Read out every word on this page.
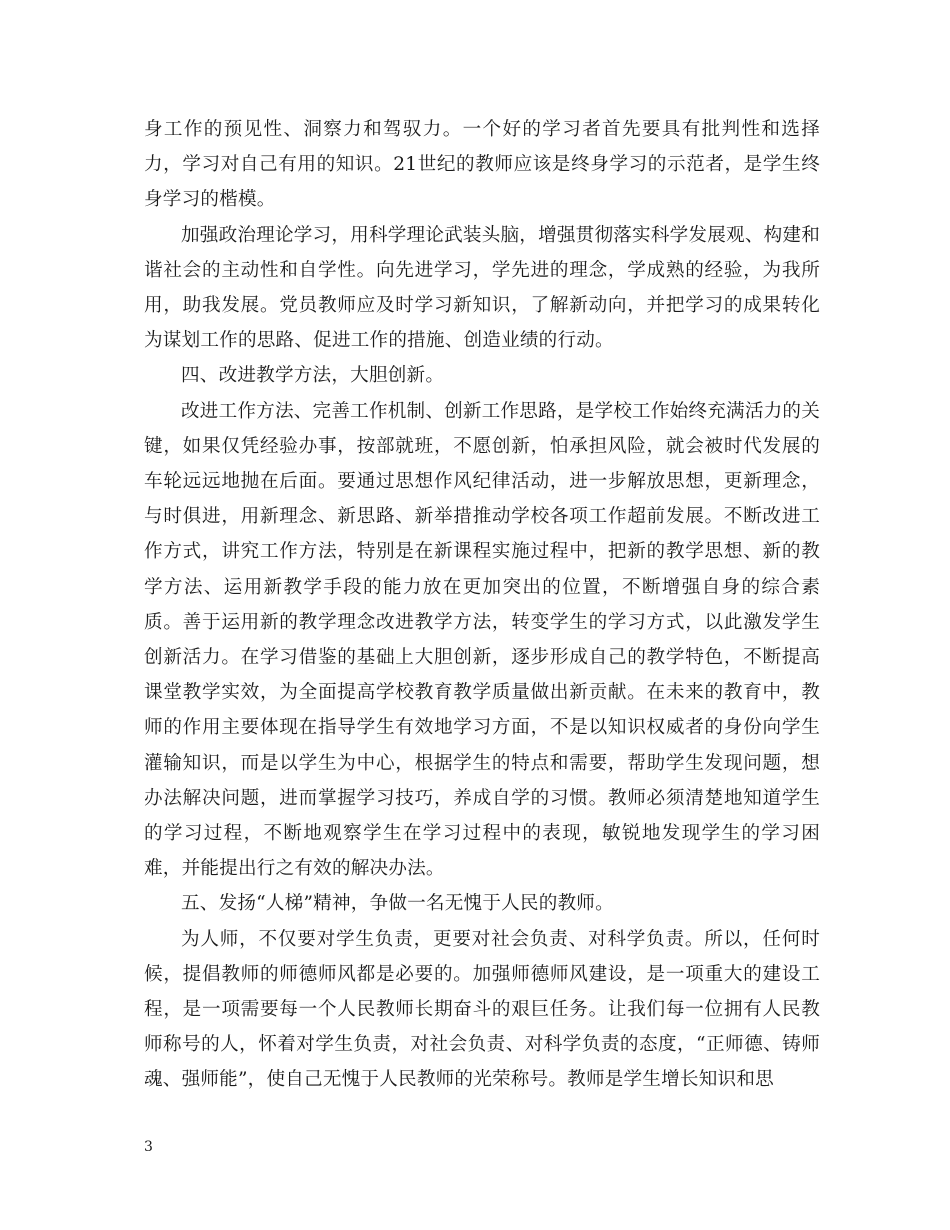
身工作的预见性、洞察力和驾驭力。一个好的学习者首先要具有批判性和选择力，学习对自己有用的知识。21世纪的教师应该是终身学习的示范者，是学生终身学习的楷模。

加强政治理论学习，用科学理论武装头脑，增强贯彻落实科学发展观、构建和谐社会的主动性和自学性。向先进学习，学先进的理念，学成熟的经验，为我所用，助我发展。党员教师应及时学习新知识，了解新动向，并把学习的成果转化为谋划工作的思路、促进工作的措施、创造业绩的行动。

四、改进教学方法，大胆创新。

改进工作方法、完善工作机制、创新工作思路，是学校工作始终充满活力的关键，如果仅凭经验办事，按部就班，不愿创新，怕承担风险，就会被时代发展的车轮远远地抛在后面。要通过思想作风纪律活动，进一步解放思想，更新理念，与时俱进，用新理念、新思路、新举措推动学校各项工作超前发展。不断改进工作方式，讲究工作方法，特别是在新课程实施过程中，把新的教学思想、新的教学方法、运用新教学手段的能力放在更加突出的位置，不断增强自身的综合素质。善于运用新的教学理念改进教学方法，转变学生的学习方式，以此激发学生创新活力。在学习借鉴的基础上大胆创新，逐步形成自己的教学特色，不断提高课堂教学实效，为全面提高学校教育教学质量做出新贡献。在未来的教育中，教师的作用主要体现在指导学生有效地学习方面，不是以知识权威者的身份向学生灌输知识，而是以学生为中心，根据学生的特点和需要，帮助学生发现问题，想办法解决问题，进而掌握学习技巧，养成自学的习惯。教师必须清楚地知道学生的学习过程，不断地观察学生在学习过程中的表现，敏锐地发现学生的学习困难，并能提出行之有效的解决办法。

五、发扬“人梯”精神，争做一名无愧于人民的教师。

为人师，不仅要对学生负责，更要对社会负责、对科学负责。所以，任何时候，提倡教师的师德师风都是必要的。加强师德师风建设，是一项重大的建设工程，是一项需要每一个人民教师长期奋斗的艰巨任务。让我们每一位拥有人民教师称号的人，怀着对学生负责，对社会负责、对科学负责的态度，“正师德、铸师魂、强师能”，使自己无愧于人民教师的光荣称号。教师是学生增长知识和思

3
